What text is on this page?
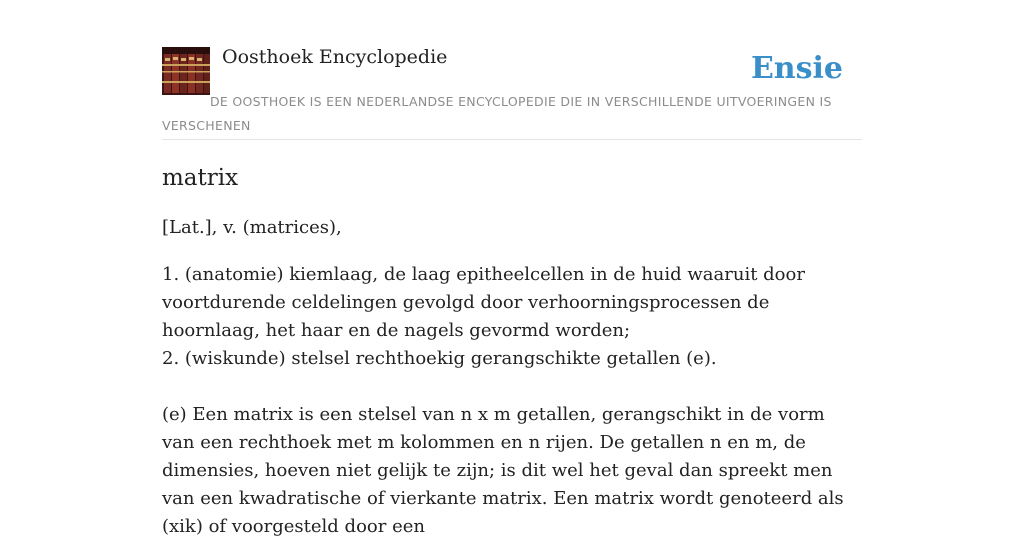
Oosthoek Encyclopedie	Ensie
DE OOSTHOEK IS EEN NEDERLANDSE ENCYCLOPEDIE DIE IN VERSCHILLENDE UITVOERINGEN IS VERSCHENEN
matrix

[Lat.], v. (matrices),

1. (anatomie) kiemlaag, de laag epitheelcellen in de huid waaruit door voortdurende celdelingen gevolgd door verhoorningsprocessen de hoornlaag, het haar en de nagels gevormd worden;

2. (wiskunde) stelsel rechthoekig gerangschikte getallen (e).

(e) Een matrix is een stelsel van n x m getallen, gerangschikt in de vorm van een rechthoek met m kolommen en n rijen. De getallen n en m, de dimensies, hoeven niet gelijk te zijn; is dit wel het geval dan spreekt men van een kwadratische of vierkante matrix. Een matrix wordt genoteerd als (xik) of voorgesteld door een
